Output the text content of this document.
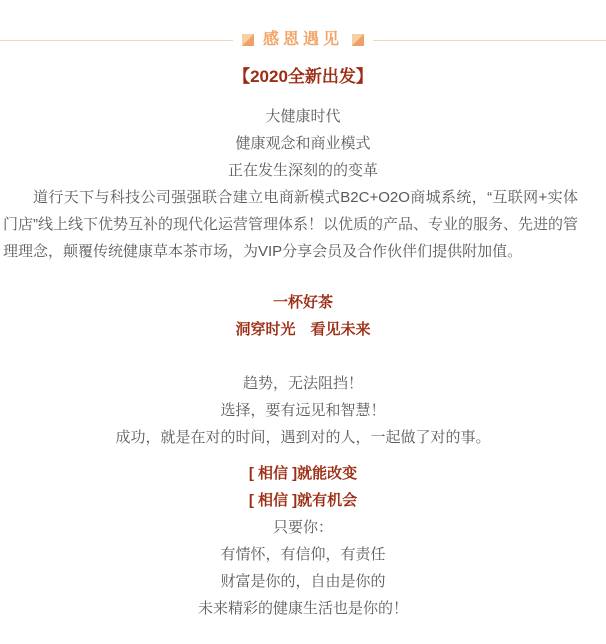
感恩遇见
【2020全新出发】

大健康时代

健康观念和商业模式

正在发生深刻的的变革

道行天下与科技公司强强联合建立电商新模式B2C+O2O商城系统，“互联网+实体门店”线上线下优势互补的现代化运营管理体系！以优质的产品、专业的服务、先进的管理理念，颠覆传统健康草本茶市场，为VIP分享会员及合作伙伴们提供附加值。

一杯好茶

洞穿时光　看见未来

趋势，无法阻挡！

选择，要有远见和智慧！

成功，就是在对的时间，遇到对的人，一起做了对的事。

[ 相信 ]就能改变

[ 相信 ]就有机会

只要你：

有情怀，有信仰，有责任

财富是你的，自由是你的

未来精彩的健康生活也是你的！
